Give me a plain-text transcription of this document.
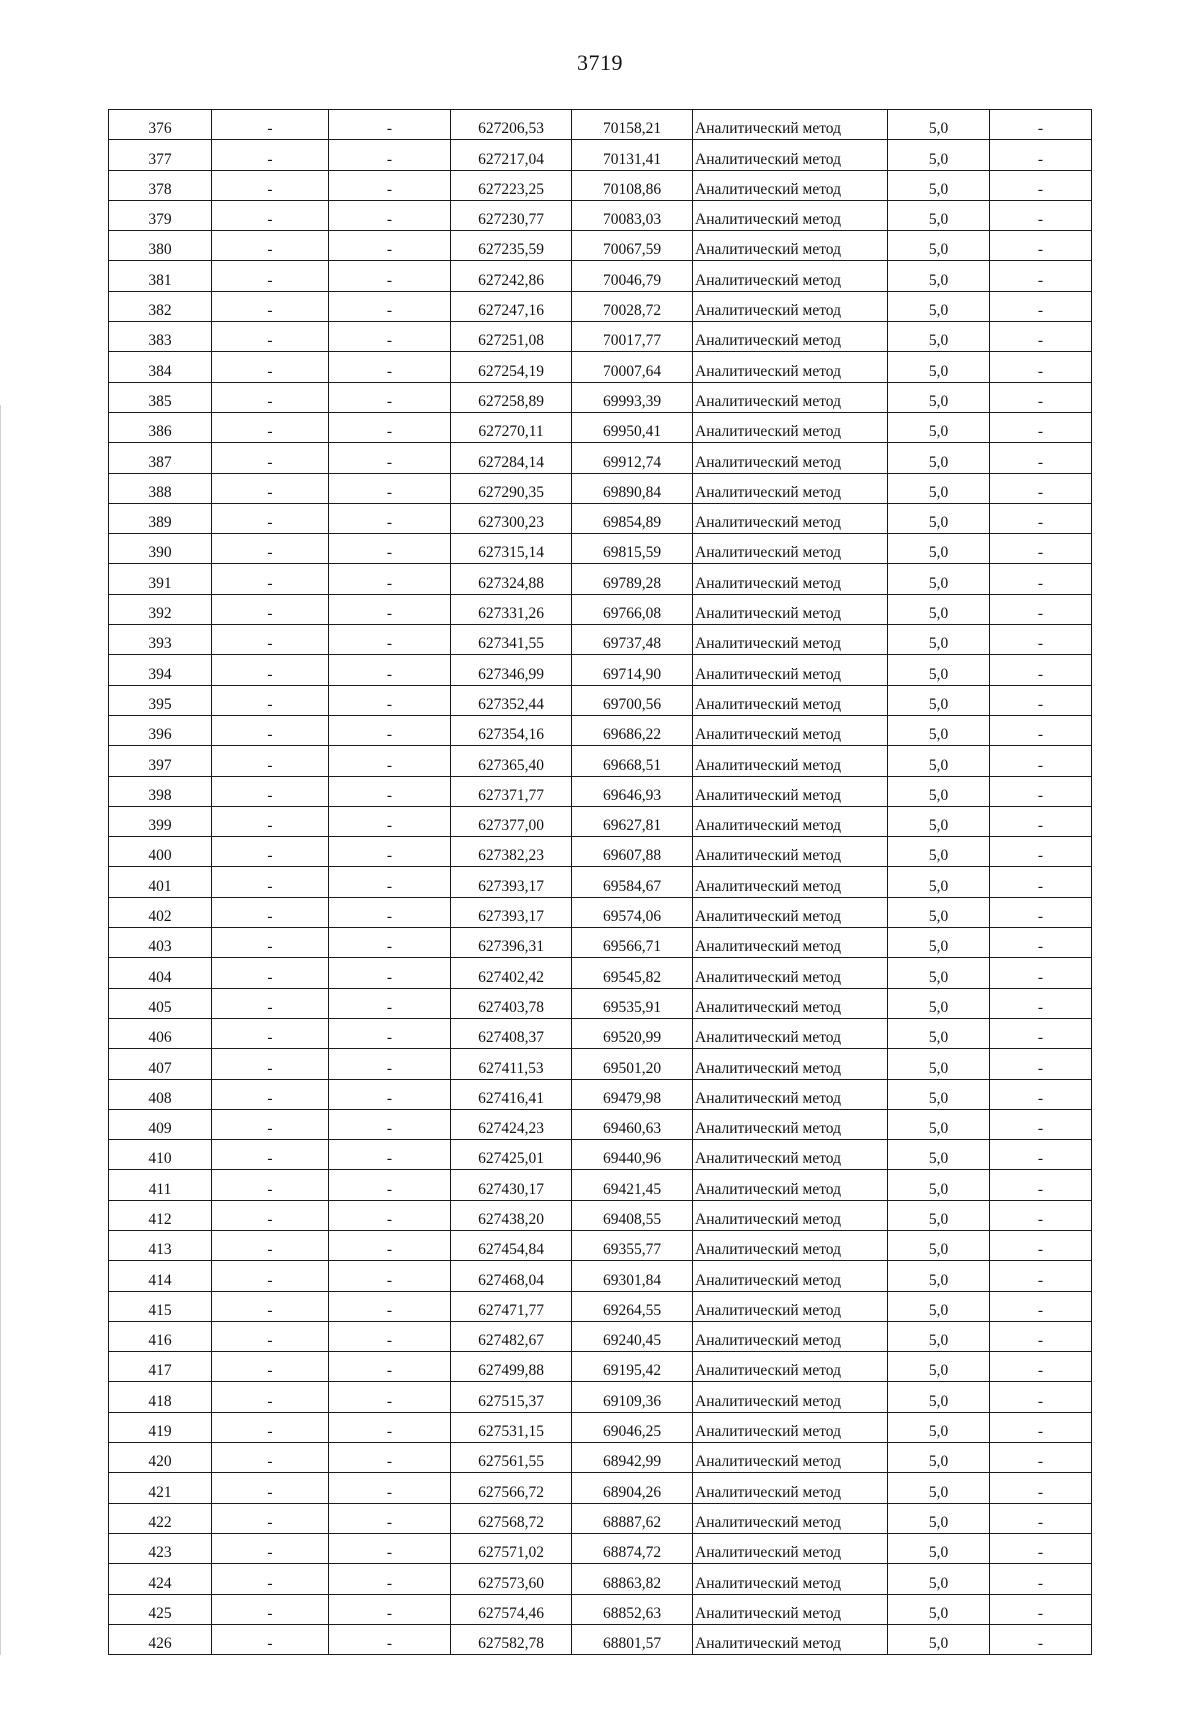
3719
376	-	-	627206,53	70158,21	Аналитический метод	5,0	-
377	-	-	627217,04	70131,41	Аналитический метод	5,0	-
378	-	-	627223,25	70108,86	Аналитический метод	5,0	-
379	-	-	627230,77	70083,03	Аналитический метод	5,0	-
380	-	-	627235,59	70067,59	Аналитический метод	5,0	-
381	-	-	627242,86	70046,79	Аналитический метод	5,0	-
382	-	-	627247,16	70028,72	Аналитический метод	5,0	-
383	-	-	627251,08	70017,77	Аналитический метод	5,0	-
384	-	-	627254,19	70007,64	Аналитический метод	5,0	-
385	-	-	627258,89	69993,39	Аналитический метод	5,0	-
386	-	-	627270,11	69950,41	Аналитический метод	5,0	-
387	-	-	627284,14	69912,74	Аналитический метод	5,0	-
388	-	-	627290,35	69890,84	Аналитический метод	5,0	-
389	-	-	627300,23	69854,89	Аналитический метод	5,0	-
390	-	-	627315,14	69815,59	Аналитический метод	5,0	-
391	-	-	627324,88	69789,28	Аналитический метод	5,0	-
392	-	-	627331,26	69766,08	Аналитический метод	5,0	-
393	-	-	627341,55	69737,48	Аналитический метод	5,0	-
394	-	-	627346,99	69714,90	Аналитический метод	5,0	-
395	-	-	627352,44	69700,56	Аналитический метод	5,0	-
396	-	-	627354,16	69686,22	Аналитический метод	5,0	-
397	-	-	627365,40	69668,51	Аналитический метод	5,0	-
398	-	-	627371,77	69646,93	Аналитический метод	5,0	-
399	-	-	627377,00	69627,81	Аналитический метод	5,0	-
400	-	-	627382,23	69607,88	Аналитический метод	5,0	-
401	-	-	627393,17	69584,67	Аналитический метод	5,0	-
402	-	-	627393,17	69574,06	Аналитический метод	5,0	-
403	-	-	627396,31	69566,71	Аналитический метод	5,0	-
404	-	-	627402,42	69545,82	Аналитический метод	5,0	-
405	-	-	627403,78	69535,91	Аналитический метод	5,0	-
406	-	-	627408,37	69520,99	Аналитический метод	5,0	-
407	-	-	627411,53	69501,20	Аналитический метод	5,0	-
408	-	-	627416,41	69479,98	Аналитический метод	5,0	-
409	-	-	627424,23	69460,63	Аналитический метод	5,0	-
410	-	-	627425,01	69440,96	Аналитический метод	5,0	-
411	-	-	627430,17	69421,45	Аналитический метод	5,0	-
412	-	-	627438,20	69408,55	Аналитический метод	5,0	-
413	-	-	627454,84	69355,77	Аналитический метод	5,0	-
414	-	-	627468,04	69301,84	Аналитический метод	5,0	-
415	-	-	627471,77	69264,55	Аналитический метод	5,0	-
416	-	-	627482,67	69240,45	Аналитический метод	5,0	-
417	-	-	627499,88	69195,42	Аналитический метод	5,0	-
418	-	-	627515,37	69109,36	Аналитический метод	5,0	-
419	-	-	627531,15	69046,25	Аналитический метод	5,0	-
420	-	-	627561,55	68942,99	Аналитический метод	5,0	-
421	-	-	627566,72	68904,26	Аналитический метод	5,0	-
422	-	-	627568,72	68887,62	Аналитический метод	5,0	-
423	-	-	627571,02	68874,72	Аналитический метод	5,0	-
424	-	-	627573,60	68863,82	Аналитический метод	5,0	-
425	-	-	627574,46	68852,63	Аналитический метод	5,0	-
426	-	-	627582,78	68801,57	Аналитический метод	5,0	-
